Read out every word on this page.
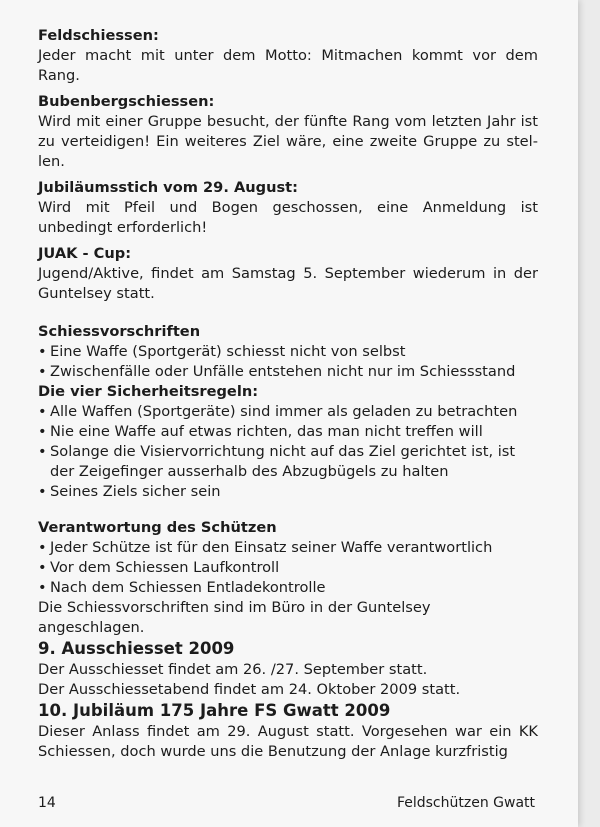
Feldschiessen:

Jeder macht mit unter dem Motto: Mitmachen kommt vor dem Rang.

Bubenbergschiessen:

Wird mit einer Gruppe besucht, der fünfte Rang vom letzten Jahr ist zu verteidigen! Ein weiteres Ziel wäre, eine zweite Gruppe zu stel-len.

Jubiläumsstich vom 29. August:

Wird mit Pfeil und Bogen geschossen, eine Anmeldung ist unbedingt erforderlich!

JUAK - Cup:

Jugend/Aktive, findet am Samstag 5. September wiederum in der Guntelsey statt.

Schiessvorschriften

• Eine Waffe (Sportgerät) schiesst nicht von selbst
• Zwischenfälle oder Unfälle entstehen nicht nur im Schiessstand

Die vier Sicherheitsregeln:

• Alle Waffen (Sportgeräte) sind immer als geladen zu betrachten
• Nie eine Waffe auf etwas richten, das man nicht treffen will
• Solange die Visiervorrichtung nicht auf das Ziel gerichtet ist, ist der Zeigefinger ausserhalb des Abzugbügels zu halten
• Seines Ziels sicher sein

Verantwortung des Schützen

• Jeder Schütze ist für den Einsatz seiner Waffe verantwortlich
• Vor dem Schiessen Laufkontroll
• Nach dem Schiessen Entladekontrolle

Die Schiessvorschriften sind im Büro in der Guntelsey angeschlagen.

9. Ausschiesset 2009

Der Ausschiesset findet am 26. /27. September statt.

Der Ausschiessetabend findet am 24. Oktober 2009 statt.

10. Jubiläum 175 Jahre FS Gwatt 2009

Dieser Anlass findet am 29. August statt. Vorgesehen war ein KK Schiessen, doch wurde uns die Benutzung der Anlage kurzfristig

14	Feldschützen Gwatt
